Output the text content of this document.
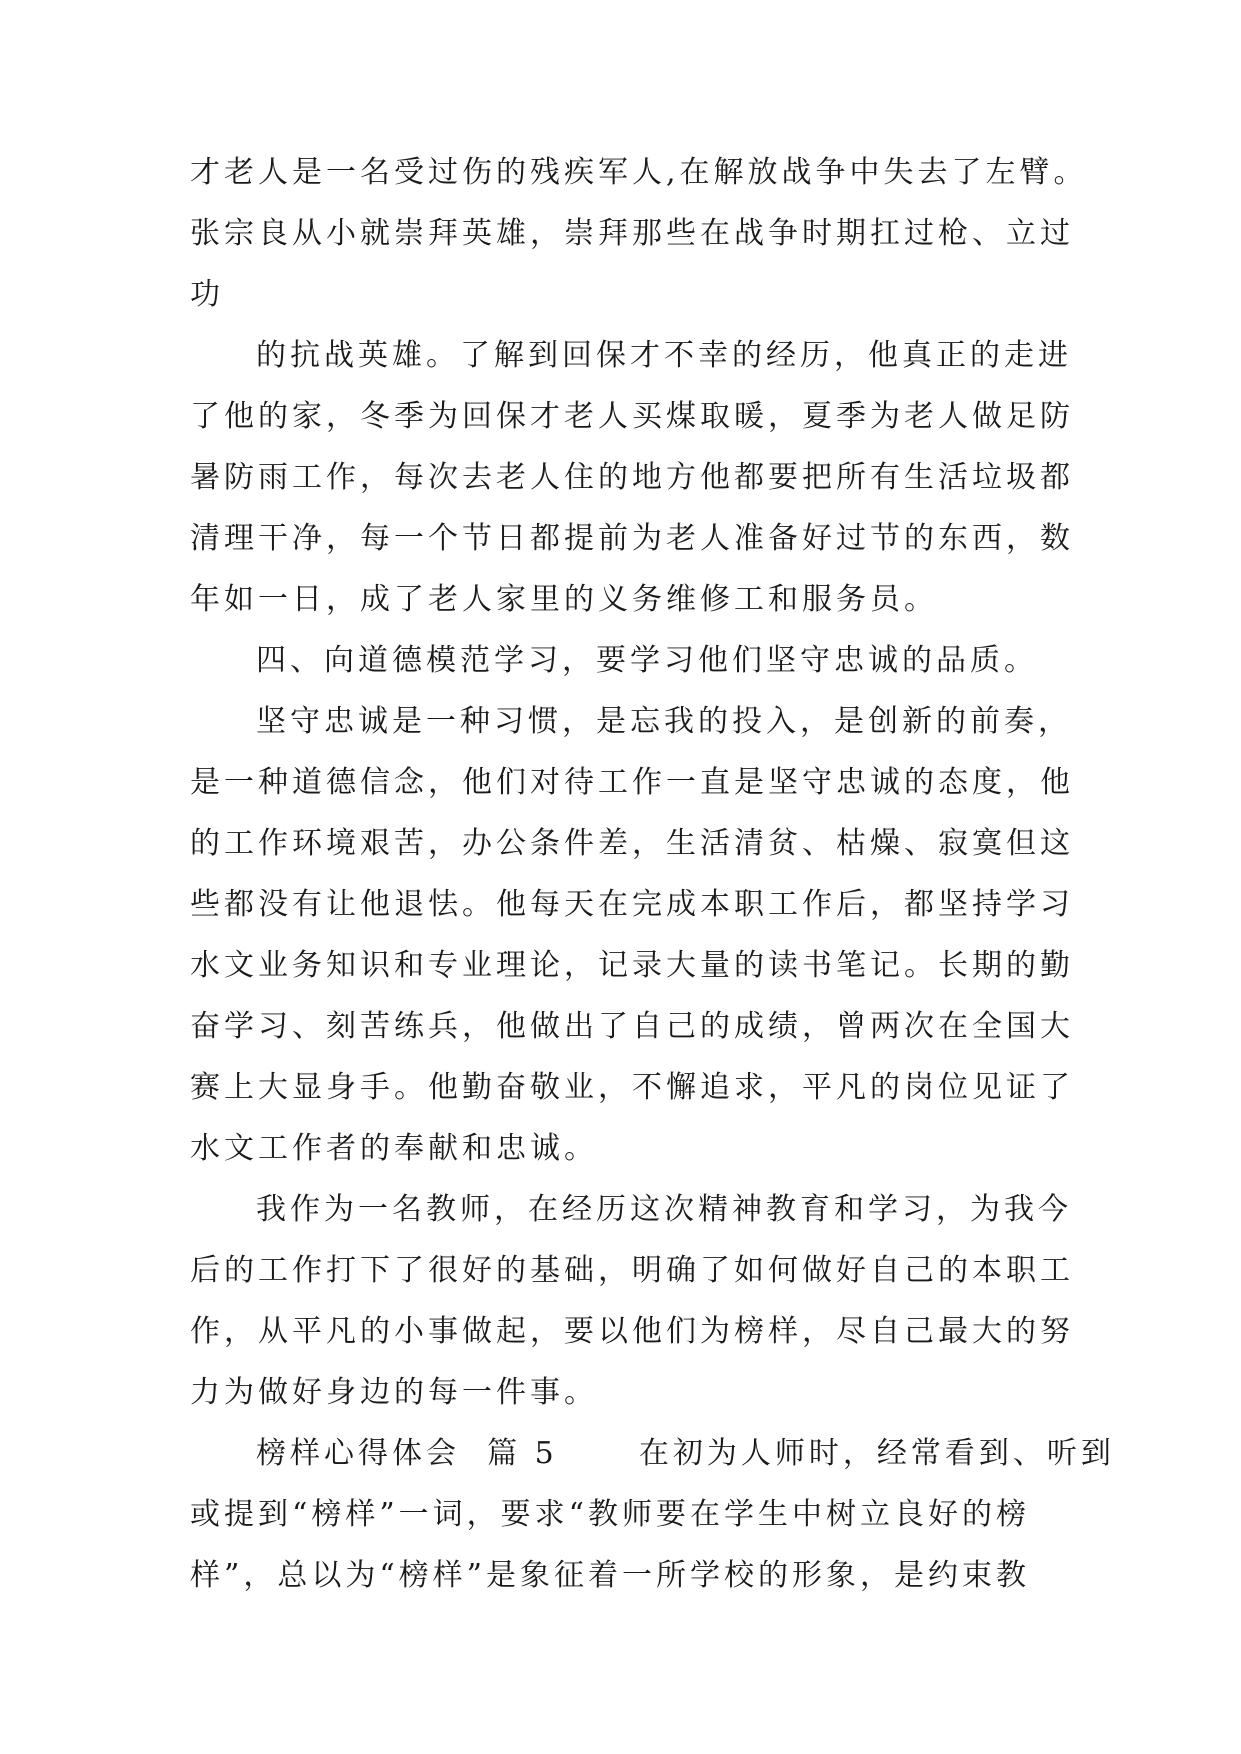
才老人是一名受过伤的残疾军人,在解放战争中失去了左臂。
张宗良从小就崇拜英雄，崇拜那些在战争时期扛过枪、立过
功
的抗战英雄。了解到回保才不幸的经历，他真正的走进
了他的家，冬季为回保才老人买煤取暖，夏季为老人做足防
暑防雨工作，每次去老人住的地方他都要把所有生活垃圾都
清理干净，每一个节日都提前为老人准备好过节的东西，数
年如一日，成了老人家里的义务维修工和服务员。
四、向道德模范学习，要学习他们坚守忠诚的品质。
坚守忠诚是一种习惯，是忘我的投入，是创新的前奏，
是一种道德信念，他们对待工作一直是坚守忠诚的态度，他
的工作环境艰苦，办公条件差，生活清贫、枯燥、寂寞但这
些都没有让他退怯。他每天在完成本职工作后，都坚持学习
水文业务知识和专业理论，记录大量的读书笔记。长期的勤
奋学习、刻苦练兵，他做出了自己的成绩，曾两次在全国大
赛上大显身手。他勤奋敬业，不懈追求，平凡的岗位见证了
水文工作者的奉献和忠诚。
我作为一名教师，在经历这次精神教育和学习，为我今
后的工作打下了很好的基础，明确了如何做好自己的本职工
作，从平凡的小事做起，要以他们为榜样，尽自己最大的努
力为做好身边的每一件事。
榜样心得体会  篇 5      在初为人师时，经常看到、听到
或提到“榜样”一词，要求“教师要在学生中树立良好的榜
样”，总以为“榜样”是象征着一所学校的形象，是约束教
